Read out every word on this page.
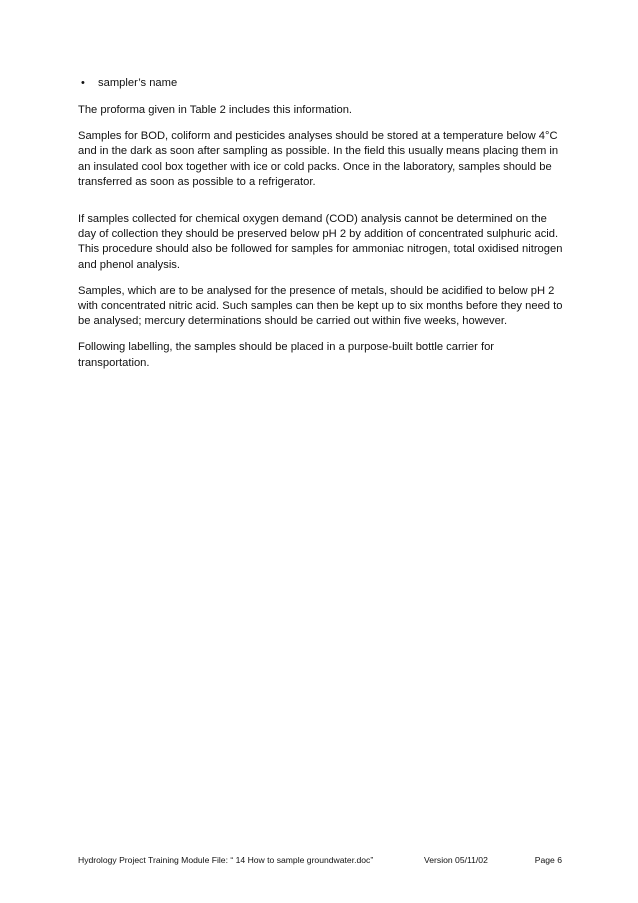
• sampler’s name

The proforma given in Table 2 includes this information.

Samples for BOD, coliform and pesticides analyses should be stored at a temperature below 4°C and in the dark as soon after sampling as possible. In the field this usually means placing them in an insulated cool box together with ice or cold packs. Once in the laboratory, samples should be transferred as soon as possible to a refrigerator.

If samples collected for chemical oxygen demand (COD) analysis cannot be determined on the day of collection they should be preserved below pH 2 by addition of concentrated sulphuric acid. This procedure should also be followed for samples for ammoniac nitrogen, total oxidised nitrogen and phenol analysis.

Samples, which are to be analysed for the presence of metals, should be acidified to below pH 2 with concentrated nitric acid. Such samples can then be kept up to six months before they need to be analysed; mercury determinations should be carried out within five weeks, however.

Following labelling, the samples should be placed in a purpose-built bottle carrier for transportation.

Hydrology Project Training Module File: “ 14 How to sample groundwater.doc”	Version 05/11/02	Page 6
